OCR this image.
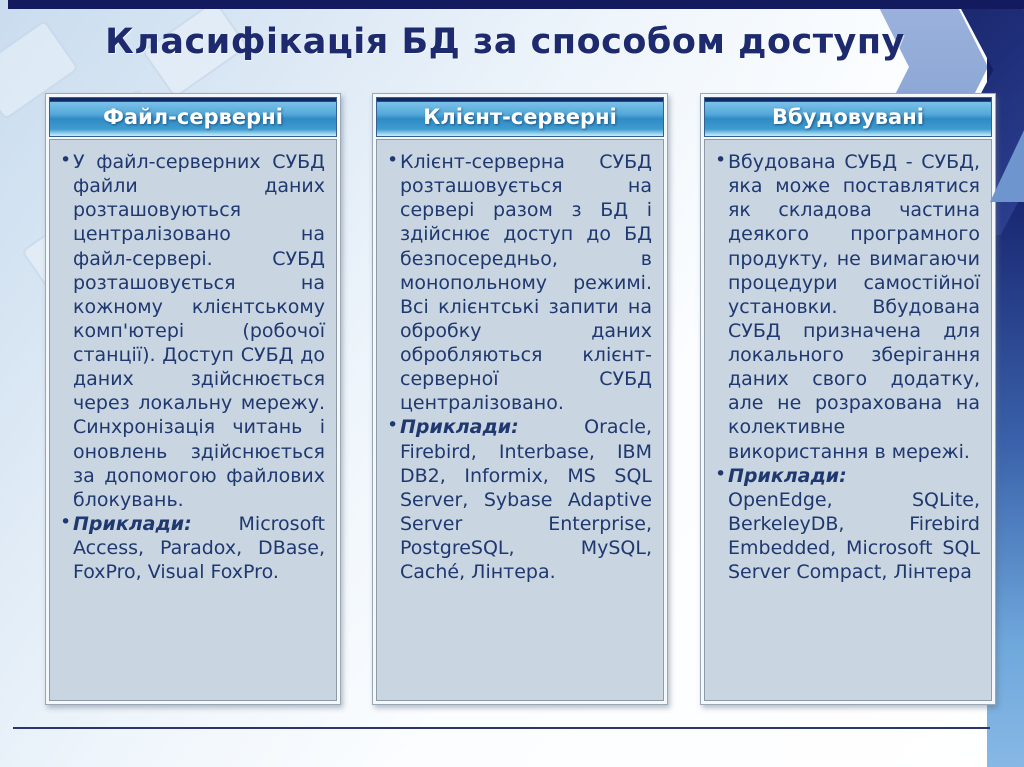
Класифікація БД за способом доступу
Файл-серверні
• У файл-серверних СУБД файли даних розташовуються централізовано на файл-сервері. СУБД розташовується на кожному клієнтському комп'ютері (робочої станції). Доступ СУБД до даних здійснюється через локальну мережу. Синхронізація читань і оновлень здійснюється за допомогою файлових блокувань.

• Приклади: Microsoft Access, Paradox, DBase, FoxPro, Visual FoxPro.

Клієнт-серверні
• Клієнт-серверна СУБД розташовується на сервері разом з БД і здійснює доступ до БД безпосередньо, в монопольному режимі. Всі клієнтські запити на обробку даних обробляються клієнт-серверної СУБД централізовано.

• Приклади:	Oracle, Firebird, Interbase, IBM DB2, Informix, MS SQL Server, Sybase Adaptive Server Enterprise, PostgreSQL, MySQL, Caché, Лінтера.

Вбудовувані
• Вбудована СУБД - СУБД, яка може поставлятися як складова частина деякого програмного продукту, не вимагаючи процедури самостійної установки. Вбудована СУБД призначена для локального зберігання даних свого додатку, але не розрахована на колективне використання в мережі.

• Приклади:
OpenEdge, SQLite, BerkeleyDB, Firebird Embedded, Microsoft SQL Server Compact, Лінтера
